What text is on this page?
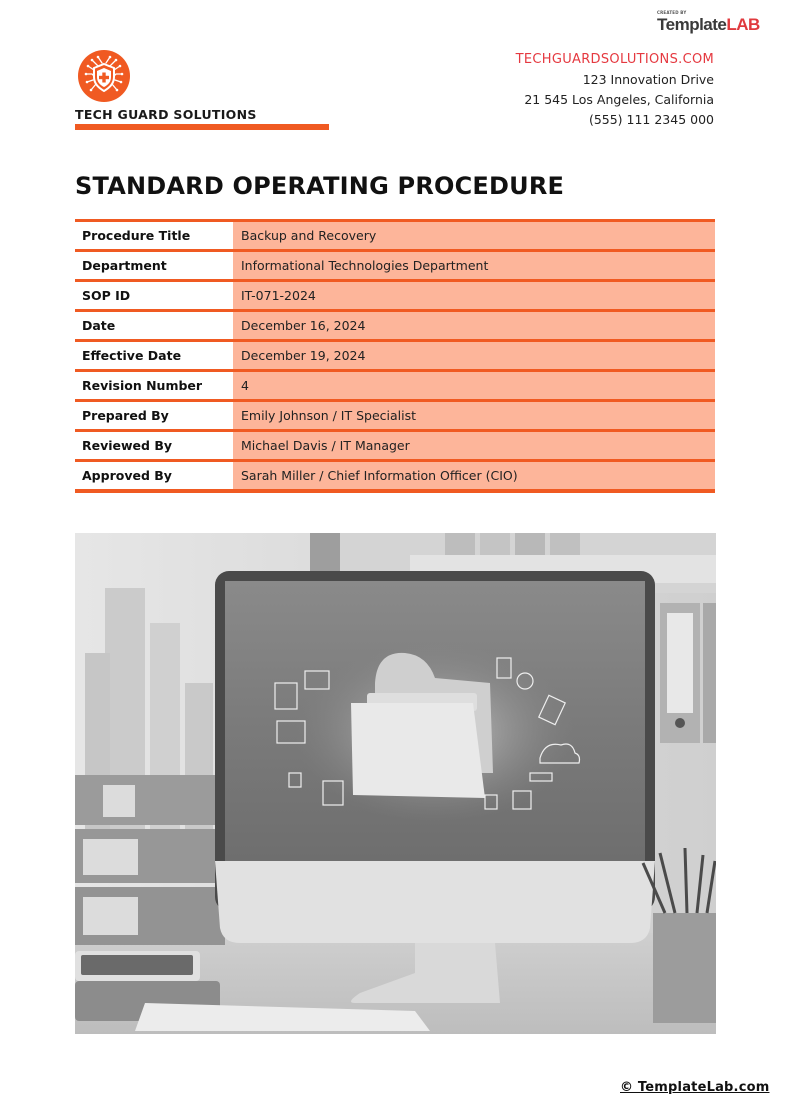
CREATED BY
TemplateLAB
TECH GUARD SOLUTIONS
TECHGUARDSOLUTIONS.COM
123 Innovation Drive
21 545 Los Angeles, California
(555) 111 2345 000
STANDARD OPERATING PROCEDURE
Procedure Title	Backup and Recovery
Department	Informational Technologies Department
SOP ID	IT-071-2024
Date	December 16, 2024
Effective Date	December 19, 2024
Revision Number	4
Prepared By	Emily Johnson / IT Specialist
Reviewed By	Michael Davis / IT Manager
Approved By	Sarah Miller / Chief Information Officer (CIO)
© TemplateLab.com
